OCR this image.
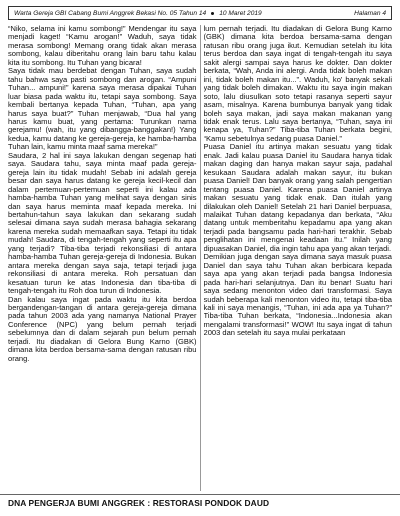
Warta Gereja GBI Cabang Bumi Anggrek Bekasi No. 05 Tahun 14 10 Maret 2019	Halaman 4

“Niko, selama ini kamu sombong!” Mendengar itu saya menjadi kaget! “Kamu arogan!” Waduh, saya tidak merasa sombong! Memang orang tidak akan merasa sombong, kalau diberitahu orang lain baru tahu kalau kita itu sombong. Itu Tuhan yang bicara!

Saya tidak mau berdebat dengan Tuhan, saya sudah tahu bahwa saya pasti sombong dan arogan. “Ampuni Tuhan... ampuni!” karena saya merasa dipakai Tuhan luar biasa pada waktu itu, tetapi saya sombong. Saya kembali bertanya kepada Tuhan, “Tuhan, apa yang harus saya buat?” Tuhan menjawab, “Dua hal yang harus kamu buat, yang pertama: Turunkan nama gerejamu! (wah, itu yang dibangga-banggakan!) Yang kedua, kamu datang ke gereja-gereja, ke hamba-hamba Tuhan lain, kamu minta maaf sama mereka!”

Saudara, 2 hal ini saya lakukan dengan segenap hati saya. Saudara tahu, saya minta maaf pada gereja-gereja lain itu tidak mudah! Sebab ini adalah gereja besar dan saya harus datang ke gereja kecil-kecil dan dalam pertemuan-pertemuan seperti ini kalau ada hamba-hamba Tuhan yang melihat saya dengan sinis dan saya harus meminta maaf kepada mereka. Ini bertahun-tahun saya lakukan dan sekarang sudah selesai dimana saya sudah merasa bahagia sekarang karena mereka sudah memaafkan saya. Tetapi itu tidak mudah! Saudara, di tengah-tengah yang seperti itu apa yang terjadi? Tiba-tiba terjadi rekonsiliasi di antara hamba-hamba Tuhan gereja-gereja di Indonesia. Bukan antara mereka dengan saya saja, tetapi terjadi juga rekonsiliasi di antara mereka. Roh persatuan dan kesatuan turun ke atas Indonesia dan tiba-tiba di tengah-tengah itu Roh doa turun di Indonesia.

Dan kalau saya ingat pada waktu itu kita berdoa bergandengan-tangan di antara gereja-gereja dimana pada tahun 2003 ada yang namanya National Prayer Conference (NPC) yang belum pernah terjadi sebelumnya dan di dalam sejarah pun belum pernah terjadi. Itu diadakan di Gelora Bung Karno (GBK) dimana kita berdoa bersama-sama dengan ratusan ribu orang.

lum pernah terjadi. Itu diadakan di Gelora Bung Karno (GBK) dimana kita berdoa bersama-sama dengan ratusan ribu orang juga ikut. Kemudian setelah itu kita terus berdoa dan saya ingat di tengah-tengah itu saya sakit alergi sampai saya harus ke dokter. Dan dokter berkata, “Wah, Anda ini alergi. Anda tidak boleh makan ini, tidak boleh makan itu...”. Waduh, ko' banyak sekali yang tidak boleh dimakan. Waktu itu saya ingin makan soto, lalu diusulkan soto tetapi rasanya seperti sayur asam, misalnya. Karena bumbunya banyak yang tidak boleh saya makan, jadi saya makan makanan yang tidak enak terus. Lalu saya bertanya, “Tuhan, saya ini kenapa ya, Tuhan?” Tiba-tiba Tuhan berkata begini, “Kamu sebetulnya sedang puasa Daniel.”

Puasa Daniel itu artinya makan sesuatu yang tidak enak. Jadi kalau puasa Daniel itu Saudara hanya tidak makan daging dan hanya makan sayur saja, padahal kesukaan Saudara adalah makan sayur, itu bukan puasa Daniel! Dan banyak orang yang salah pengertian tentang puasa Daniel. Karena puasa Daniel artinya makan sesuatu yang tidak enak. Dan itulah yang dilakukan oleh Daniel! Setelah 21 hari Daniel berpuasa, malaikat Tuhan datang kepadanya dan berkata, “Aku datang untuk memberitahu kepadamu apa yang akan terjadi pada bangsamu pada hari-hari terakhir. Sebab penglihatan ini mengenai keadaan itu.” Inilah yang dipuasakan Daniel, dia ingin tahu apa yang akan terjadi.

Demikian juga dengan saya dimana saya masuk puasa Daniel dan saya tahu Tuhan akan berbicara kepada saya apa yang akan terjadi pada bangsa Indonesia pada hari-hari selanjutnya. Dan itu benar! Suatu hari saya sedang menonton video dari transformasi. Saya sudah beberapa kali menonton video itu, tetapi tiba-tiba kali ini saya menangis, “Tuhan, ini ada apa ya Tuhan?” Tiba-tiba Tuhan berkata, “Indonesia...Indonesia akan mengalami transformasi!” WOW! Itu saya ingat di tahun 2003 dan setelah itu saya mulai perkataan

DNA PENGERJA BUMI ANGGREK : RESTORASI PONDOK DAUD
